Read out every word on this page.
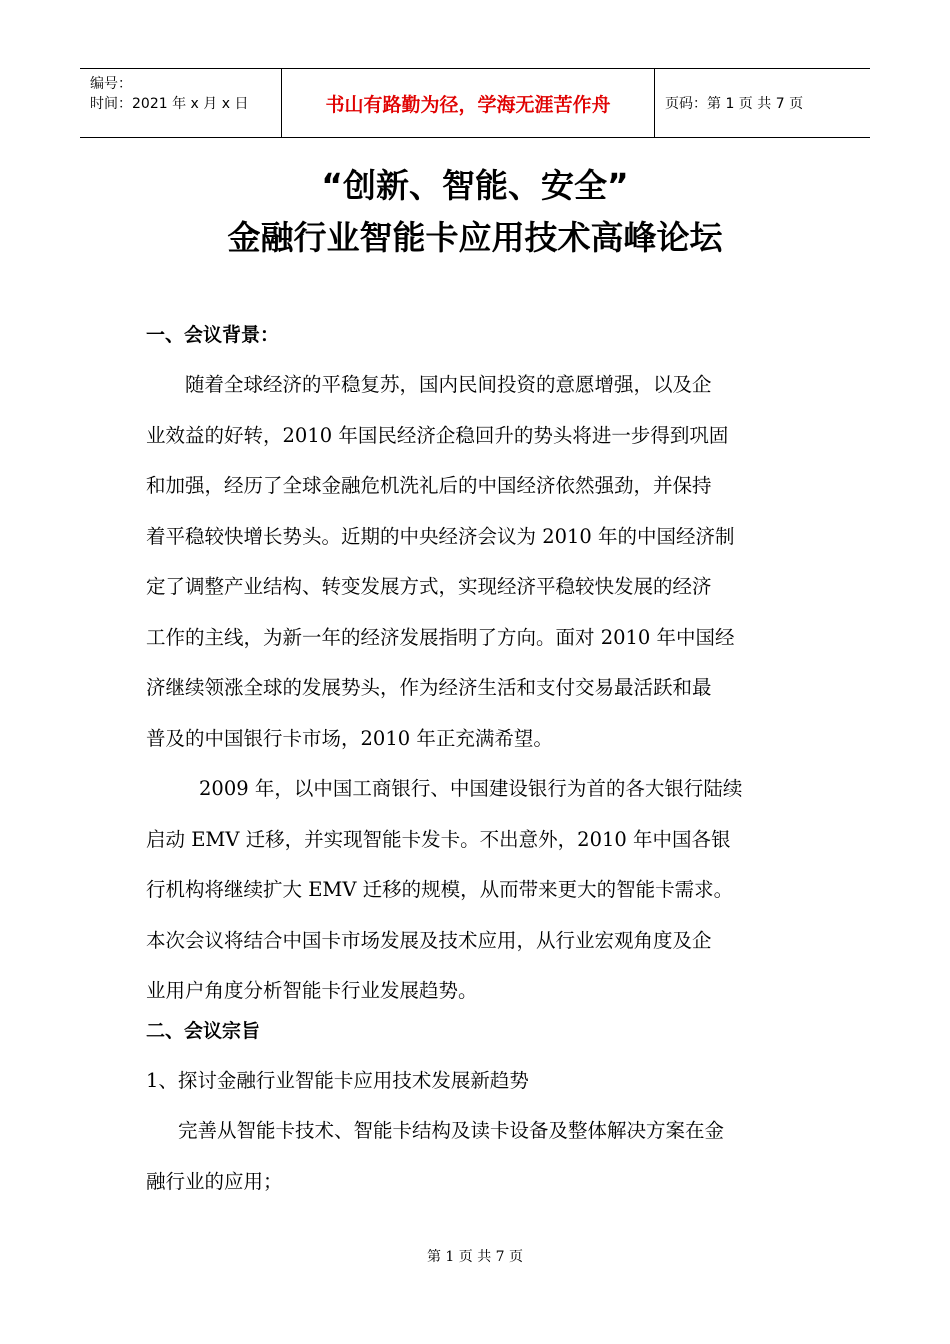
编号：
时间：2021 年 x 月 x 日	书山有路勤为径，学海无涯苦作舟	页码：第 1 页 共 7 页
“创新、智能、安全”
金融行业智能卡应用技术高峰论坛
一、会议背景：
随着全球经济的平稳复苏，国内民间投资的意愿增强，以及企
业效益的好转，2010 年国民经济企稳回升的势头将进一步得到巩固
和加强，经历了全球金融危机洗礼后的中国经济依然强劲，并保持
着平稳较快增长势头。近期的中央经济会议为 2010 年的中国经济制
定了调整产业结构、转变发展方式，实现经济平稳较快发展的经济
工作的主线，为新一年的经济发展指明了方向。面对 2010 年中国经
济继续领涨全球的发展势头，作为经济生活和支付交易最活跃和最
普及的中国银行卡市场，2010 年正充满希望。
2009 年，以中国工商银行、中国建设银行为首的各大银行陆续
启动 EMV 迁移，并实现智能卡发卡。不出意外，2010 年中国各银
行机构将继续扩大 EMV 迁移的规模，从而带来更大的智能卡需求。
本次会议将结合中国卡市场发展及技术应用，从行业宏观角度及企
业用户角度分析智能卡行业发展趋势。
二、会议宗旨
1、探讨金融行业智能卡应用技术发展新趋势
完善从智能卡技术、智能卡结构及读卡设备及整体解决方案在金
融行业的应用；
第 1 页 共 7 页
